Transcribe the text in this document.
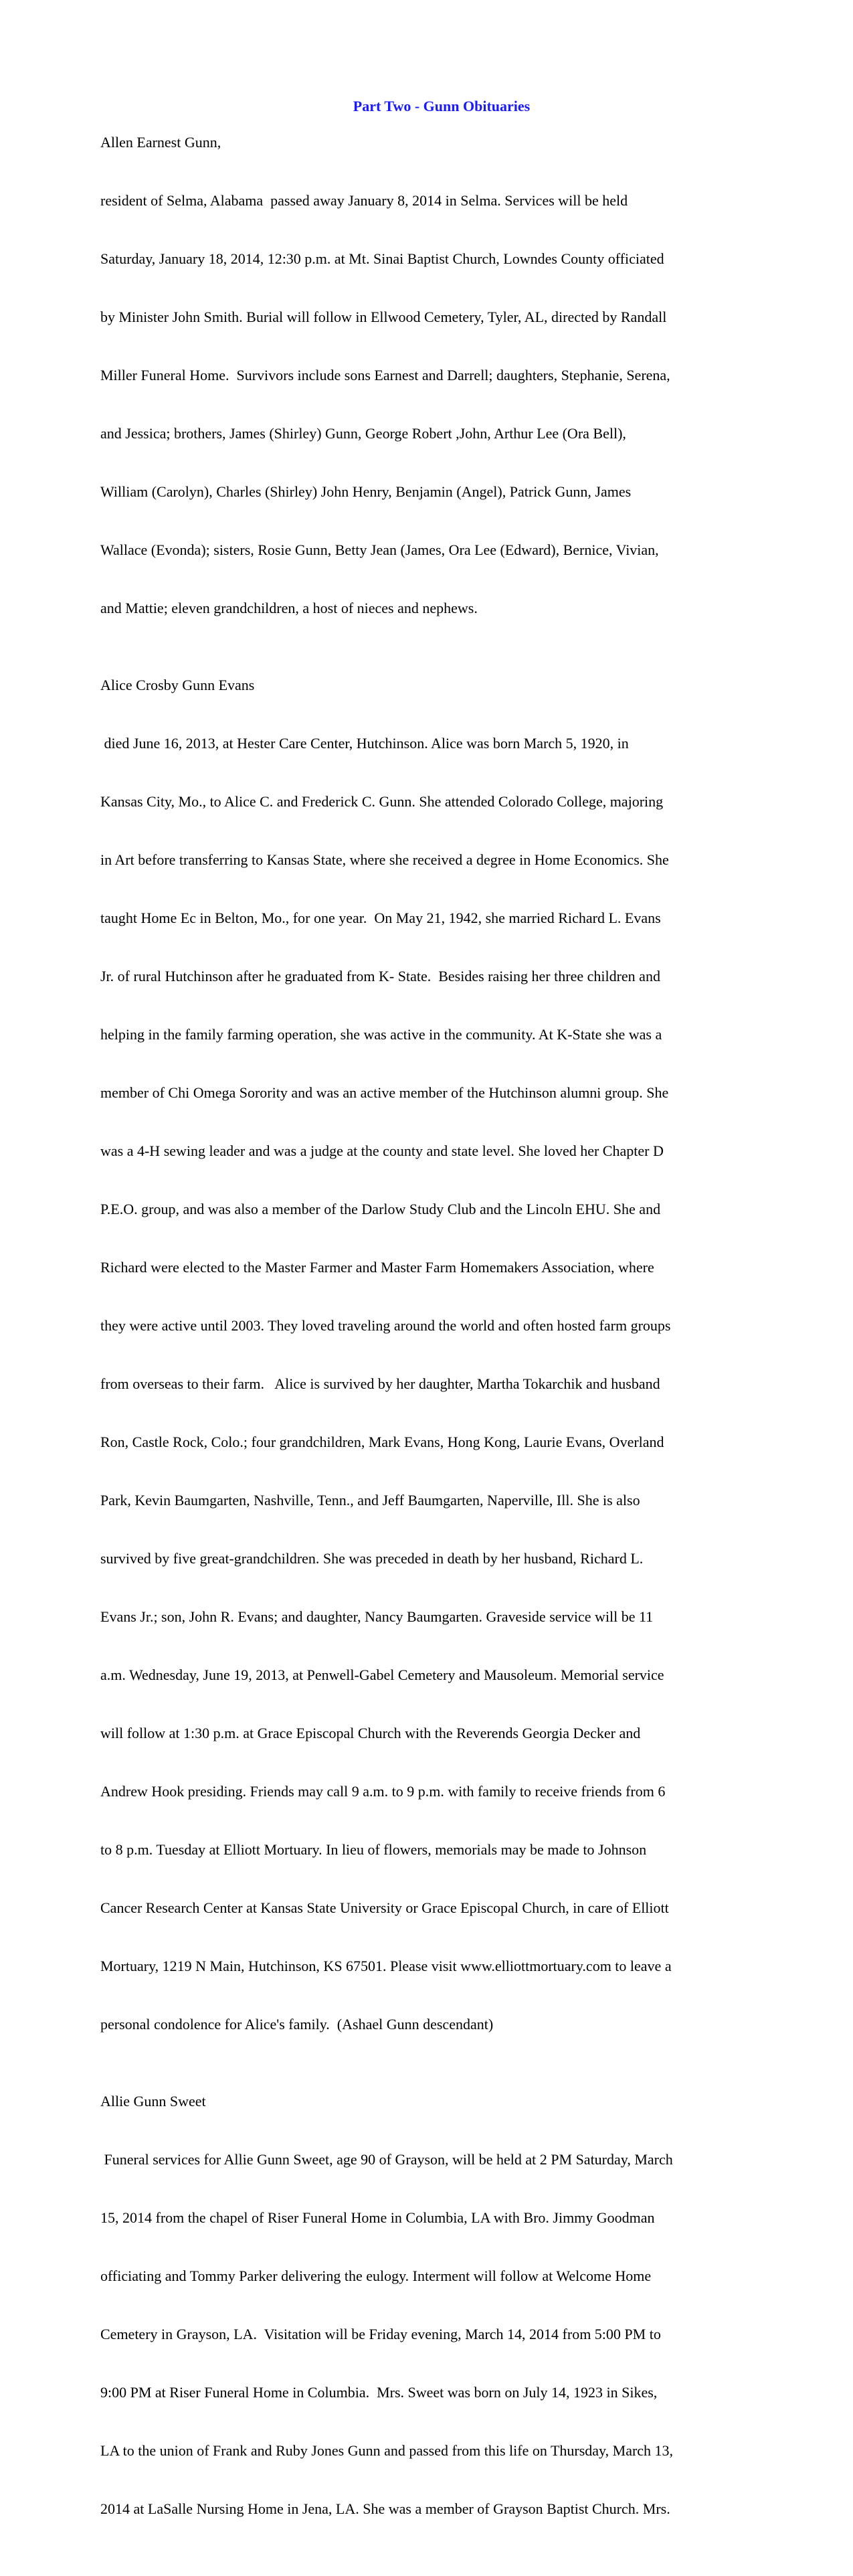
Part Two - Gunn Obituaries

Allen Earnest Gunn,

resident of Selma, Alabama  passed away January 8, 2014 in Selma. Services will be held

Saturday, January 18, 2014, 12:30 p.m. at Mt. Sinai Baptist Church, Lowndes County officiated

by Minister John Smith. Burial will follow in Ellwood Cemetery, Tyler, AL, directed by Randall

Miller Funeral Home.  Survivors include sons Earnest and Darrell; daughters, Stephanie, Serena,

and Jessica; brothers, James (Shirley) Gunn, George Robert ,John, Arthur Lee (Ora Bell),

William (Carolyn), Charles (Shirley) John Henry, Benjamin (Angel), Patrick Gunn, James

Wallace (Evonda); sisters, Rosie Gunn, Betty Jean (James, Ora Lee (Edward), Bernice, Vivian,

and Mattie; eleven grandchildren, a host of nieces and nephews.

Alice Crosby Gunn Evans

died June 16, 2013, at Hester Care Center, Hutchinson. Alice was born March 5, 1920, in

Kansas City, Mo., to Alice C. and Frederick C. Gunn. She attended Colorado College, majoring

in Art before transferring to Kansas State, where she received a degree in Home Economics. She

taught Home Ec in Belton, Mo., for one year.  On May 21, 1942, she married Richard L. Evans

Jr. of rural Hutchinson after he graduated from K- State.  Besides raising her three children and

helping in the family farming operation, she was active in the community. At K-State she was a

member of Chi Omega Sorority and was an active member of the Hutchinson alumni group. She

was a 4-H sewing leader and was a judge at the county and state level. She loved her Chapter D

P.E.O. group, and was also a member of the Darlow Study Club and the Lincoln EHU. She and

Richard were elected to the Master Farmer and Master Farm Homemakers Association, where

they were active until 2003. They loved traveling around the world and often hosted farm groups

from overseas to their farm.   Alice is survived by her daughter, Martha Tokarchik and husband

Ron, Castle Rock, Colo.; four grandchildren, Mark Evans, Hong Kong, Laurie Evans, Overland

Park, Kevin Baumgarten, Nashville, Tenn., and Jeff Baumgarten, Naperville, Ill. She is also

survived by five great-grandchildren. She was preceded in death by her husband, Richard L.

Evans Jr.; son, John R. Evans; and daughter, Nancy Baumgarten. Graveside service will be 11

a.m. Wednesday, June 19, 2013, at Penwell-Gabel Cemetery and Mausoleum. Memorial service

will follow at 1:30 p.m. at Grace Episcopal Church with the Reverends Georgia Decker and

Andrew Hook presiding. Friends may call 9 a.m. to 9 p.m. with family to receive friends from 6

to 8 p.m. Tuesday at Elliott Mortuary. In lieu of flowers, memorials may be made to Johnson

Cancer Research Center at Kansas State University or Grace Episcopal Church, in care of Elliott

Mortuary, 1219 N Main, Hutchinson, KS 67501. Please visit www.elliottmortuary.com to leave a

personal condolence for Alice's family.  (Ashael Gunn descendant)

Allie Gunn Sweet

Funeral services for Allie Gunn Sweet, age 90 of Grayson, will be held at 2 PM Saturday, March

15, 2014 from the chapel of Riser Funeral Home in Columbia, LA with Bro. Jimmy Goodman

officiating and Tommy Parker delivering the eulogy. Interment will follow at Welcome Home

Cemetery in Grayson, LA.  Visitation will be Friday evening, March 14, 2014 from 5:00 PM to

9:00 PM at Riser Funeral Home in Columbia.  Mrs. Sweet was born on July 14, 1923 in Sikes,

LA to the union of Frank and Ruby Jones Gunn and passed from this life on Thursday, March 13,

2014 at LaSalle Nursing Home in Jena, LA. She was a member of Grayson Baptist Church. Mrs.
